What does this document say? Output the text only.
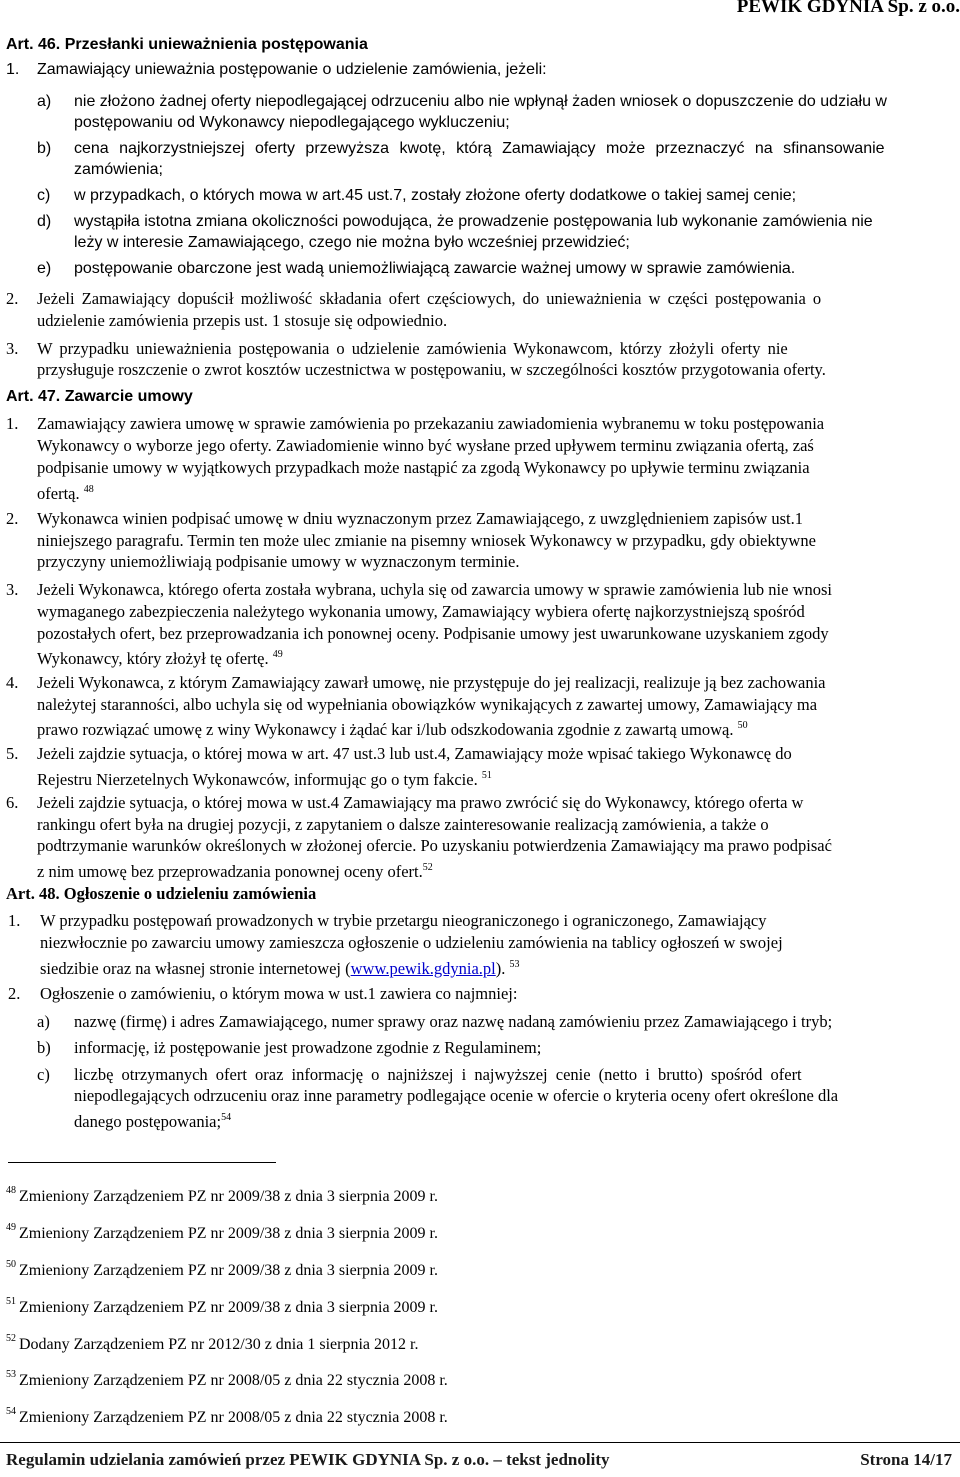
PEWIK GDYNIA Sp. z o.o.
Art. 46. Przesłanki unieważnienia postępowania
1. Zamawiający unieważnia postępowanie o udzielenie zamówienia, jeżeli:
a) nie złożono żadnej oferty niepodlegającej odrzuceniu albo nie wpłynął żaden wniosek o dopuszczenie do udziału w
postępowaniu od Wykonawcy niepodlegającego wykluczeniu;
b) cena najkorzystniejszej oferty przewyższa kwotę, którą Zamawiający może przeznaczyć na sfinansowanie
zamówienia;
c) w przypadkach, o których mowa w art.45 ust.7, zostały złożone oferty dodatkowe o takiej samej cenie;
d) wystąpiła istotna zmiana okoliczności powodująca, że prowadzenie postępowania lub wykonanie zamówienia nie
leży w interesie Zamawiającego, czego nie można było wcześniej przewidzieć;
e) postępowanie obarczone jest wadą uniemożliwiającą zawarcie ważnej umowy w sprawie zamówienia.
2. Jeżeli Zamawiający dopuścił możliwość składania ofert częściowych, do unieważnienia w części postępowania o
udzielenie zamówienia przepis ust. 1 stosuje się odpowiednio.
3. W przypadku unieważnienia postępowania o udzielenie zamówienia Wykonawcom, którzy złożyli oferty nie
przysługuje roszczenie o zwrot kosztów uczestnictwa w postępowaniu, w szczególności kosztów przygotowania oferty.
Art. 47. Zawarcie umowy
1. Zamawiający zawiera umowę w sprawie zamówienia po przekazaniu zawiadomienia wybranemu w toku postępowania
Wykonawcy o wyborze jego oferty. Zawiadomienie winno być wysłane przed upływem terminu związania ofertą, zaś
podpisanie umowy w wyjątkowych przypadkach może nastąpić za zgodą Wykonawcy po upływie terminu związania
ofertą. $^{48}$
2. Wykonawca winien podpisać umowę w dniu wyznaczonym przez Zamawiającego, z uwzględnieniem zapisów ust.1
niniejszego paragrafu. Termin ten może ulec zmianie na pisemny wniosek Wykonawcy w przypadku, gdy obiektywne
przyczyny uniemożliwiają podpisanie umowy w wyznaczonym terminie.
3. Jeżeli Wykonawca, którego oferta została wybrana, uchyla się od zawarcia umowy w sprawie zamówienia lub nie wnosi
wymaganego zabezpieczenia należytego wykonania umowy, Zamawiający wybiera ofertę najkorzystniejszą spośród
pozostałych ofert, bez przeprowadzania ich ponownej oceny. Podpisanie umowy jest uwarunkowane uzyskaniem zgody
Wykonawcy, który złożył tę ofertę. $^{49}$
4. Jeżeli Wykonawca, z którym Zamawiający zawarł umowę, nie przystępuje do jej realizacji, realizuje ją bez zachowania
należytej staranności, albo uchyla się od wypełniania obowiązków wynikających z zawartej umowy, Zamawiający ma
prawo rozwiązać umowę z winy Wykonawcy i żądać kar i/lub odszkodowania zgodnie z zawartą umową. $^{50}$
5. Jeżeli zajdzie sytuacja, o której mowa w art. 47 ust.3 lub ust.4, Zamawiający może wpisać takiego Wykonawcę do
Rejestru Nierzetelnych Wykonawców, informując go o tym fakcie. $^{51}$
6. Jeżeli zajdzie sytuacja, o której mowa w ust.4 Zamawiający ma prawo zwrócić się do Wykonawcy, którego oferta w
rankingu ofert była na drugiej pozycji, z zapytaniem o dalsze zainteresowanie realizacją zamówienia, a także o
podtrzymanie warunków określonych w złożonej ofercie. Po uzyskaniu potwierdzenia Zamawiający ma prawo podpisać
z nim umowę bez przeprowadzania ponownej oceny ofert.$^{52}$
Art. 48. Ogłoszenie o udzieleniu zamówienia
1. W przypadku postępowań prowadzonych w trybie przetargu nieograniczonego i ograniczonego, Zamawiający
niezwłocznie po zawarciu umowy zamieszcza ogłoszenie o udzieleniu zamówienia na tablicy ogłoszeń w swojej
siedzibie oraz na własnej stronie internetowej (www.pewik.gdynia.pl). $^{53}$
2. Ogłoszenie o zamówieniu, o którym mowa w ust.1 zawiera co najmniej:
a) nazwę (firmę) i adres Zamawiającego, numer sprawy oraz nazwę nadaną zamówieniu przez Zamawiającego i tryb;
b) informację, iż postępowanie jest prowadzone zgodnie z Regulaminem;
c) liczbę otrzymanych ofert oraz informację o najniższej i najwyższej cenie (netto i brutto) spośród ofert
niepodlegających odrzuceniu oraz inne parametry podlegające ocenie w ofercie o kryteria oceny ofert określone dla
danego postępowania;$^{54}$
$^{48}$ Zmieniony Zarządzeniem PZ nr 2009/38 z dnia 3 sierpnia 2009 r.
$^{49}$ Zmieniony Zarządzeniem PZ nr 2009/38 z dnia 3 sierpnia 2009 r.
$^{50}$ Zmieniony Zarządzeniem PZ nr 2009/38 z dnia 3 sierpnia 2009 r.
$^{51}$ Zmieniony Zarządzeniem PZ nr 2009/38 z dnia 3 sierpnia 2009 r.
$^{52}$ Dodany Zarządzeniem PZ nr 2012/30 z dnia 1 sierpnia 2012 r.
$^{53}$ Zmieniony Zarządzeniem PZ nr 2008/05 z dnia 22 stycznia 2008 r.
$^{54}$ Zmieniony Zarządzeniem PZ nr 2008/05 z dnia 22 stycznia 2008 r.
Regulamin udzielania zamówień przez PEWIK GDYNIA Sp. z o.o. – tekst jednolity	Strona 14/17
